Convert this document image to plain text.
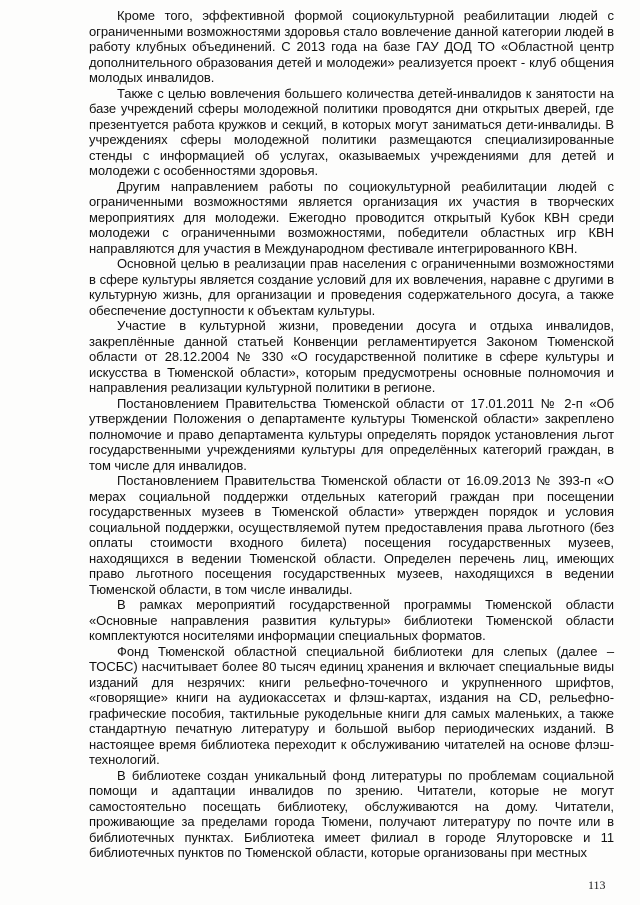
Кроме того, эффективной формой социокультурной реабилитации людей с ограниченными возможностями здоровья стало вовлечение данной категории людей в работу клубных объединений. С 2013 года на базе ГАУ ДОД ТО «Областной центр дополнительного образования детей и молодежи» реализуется проект - клуб общения молодых инвалидов.

Также с целью вовлечения большего количества детей-инвалидов к занятости на базе учреждений сферы молодежной политики проводятся дни открытых дверей, где презентуется работа кружков и секций, в которых могут заниматься дети-инвалиды. В учреждениях сферы молодежной политики размещаются специализированные стенды с информацией об услугах, оказываемых учреждениями для детей и молодежи с особенностями здоровья.

Другим направлением работы по социокультурной реабилитации людей с ограниченными возможностями является организация их участия в творческих мероприятиях для молодежи. Ежегодно проводится открытый Кубок КВН среди молодежи с ограниченными возможностями, победители областных игр КВН направляются для участия в Международном фестивале интегрированного КВН.

Основной целью в реализации прав населения с ограниченными возможностями в сфере культуры является создание условий для их вовлечения, наравне с другими в культурную жизнь, для организации и проведения содержательного досуга, а также обеспечение доступности к объектам культуры.

Участие в культурной жизни, проведении досуга и отдыха инвалидов, закреплённые данной статьей Конвенции регламентируется Законом Тюменской области от 28.12.2004 № 330 «О государственной политике в сфере культуры и искусства в Тюменской области», которым предусмотрены основные полномочия и направления реализации культурной политики в регионе.

Постановлением Правительства Тюменской области от 17.01.2011 № 2-п «Об утверждении Положения о департаменте культуры Тюменской области» закреплено полномочие и право департамента культуры определять порядок установления льгот государственными учреждениями культуры для определённых категорий граждан, в том числе для инвалидов.

Постановлением Правительства Тюменской области от 16.09.2013 № 393-п «О мерах социальной поддержки отдельных категорий граждан при посещении государственных музеев в Тюменской области» утвержден порядок и условия социальной поддержки, осуществляемой путем предоставления права льготного (без оплаты стоимости входного билета) посещения государственных музеев, находящихся в ведении Тюменской области. Определен перечень лиц, имеющих право льготного посещения государственных музеев, находящихся в ведении Тюменской области, в том числе инвалиды.

В рамках мероприятий государственной программы Тюменской области «Основные направления развития культуры» библиотеки Тюменской области комплектуются носителями информации специальных форматов.

Фонд Тюменской областной специальной библиотеки для слепых (далее – ТОСБС) насчитывает более 80 тысяч единиц хранения и включает специальные виды изданий для незрячих: книги рельефно-точечного и укрупненного шрифтов, «говорящие» книги на аудиокассетах и флэш-картах, издания на CD, рельефно-графические пособия, тактильные рукодельные книги для самых маленьких, а также стандартную печатную литературу и большой выбор периодических изданий. В настоящее время библиотека переходит к обслуживанию читателей на основе флэш-технологий.

В библиотеке создан уникальный фонд литературы по проблемам социальной помощи и адаптации инвалидов по зрению. Читатели, которые не могут самостоятельно посещать библиотеку, обслуживаются на дому. Читатели, проживающие за пределами города Тюмени, получают литературу по почте или в библиотечных пунктах. Библиотека имеет филиал в городе Ялуторовске и 11 библиотечных пунктов по Тюменской области, которые организованы при местных

113
